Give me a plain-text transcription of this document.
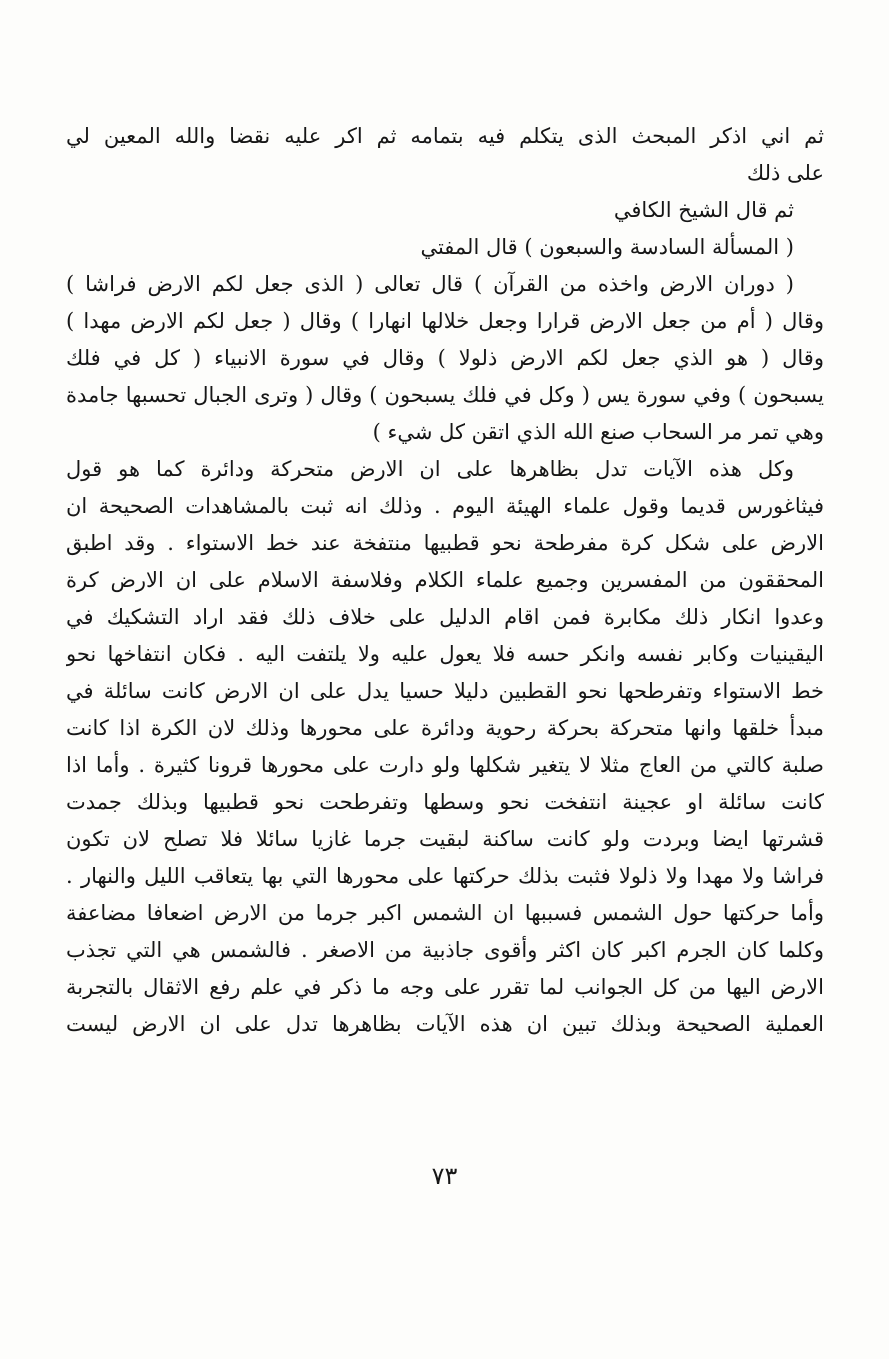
ثم اني اذكر المبحث الذى يتكلم فيه بتمامه ثم اكر عليه نقضا والله المعين لي
على ذلك
ثم قال الشيخ الكافي
( المسألة السادسة والسبعون ) قال المفتي
( دوران الارض واخذه من القرآن ) قال تعالى ( الذى جعل لكم الارض فراشا )
وقال ( أم من جعل الارض قرارا وجعل خلالها انهارا ) وقال ( جعل لكم الارض مهدا )
وقال ( هو الذي جعل لكم الارض ذلولا ) وقال في سورة الانبياء ( كل في فلك
يسبحون ) وفي سورة يس ( وكل في فلك يسبحون ) وقال ( وترى الجبال تحسبها جامدة
وهي تمر مر السحاب صنع الله الذي اتقن كل شيء )
وكل هذه الآيات تدل بظاهرها على ان الارض متحركة ودائرة كما هو قول
فيثاغورس قديما وقول علماء الهيئة اليوم . وذلك انه ثبت بالمشاهدات الصحيحة ان
الارض على شكل كرة مفرطحة نحو قطبيها منتفخة عند خط الاستواء . وقد اطبق
المحققون من المفسرين وجميع علماء الكلام وفلاسفة الاسلام على ان الارض كرة
وعدوا انكار ذلك مكابرة فمن اقام الدليل على خلاف ذلك فقد اراد التشكيك في
اليقينيات وكابر نفسه وانكر حسه فلا يعول عليه ولا يلتفت اليه . فكان انتفاخها نحو
خط الاستواء وتفرطحها نحو القطبين دليلا حسيا يدل على ان الارض كانت سائلة في
مبدأ خلقها وانها متحركة بحركة رحوية ودائرة على محورها وذلك لان الكرة اذا كانت
صلبة كالتي من العاج مثلا لا يتغير شكلها ولو دارت على محورها قرونا كثيرة . وأما اذا
كانت سائلة او عجينة انتفخت نحو وسطها وتفرطحت نحو قطبيها وبذلك جمدت
قشرتها ايضا وبردت ولو كانت ساكنة لبقيت جرما غازيا سائلا فلا تصلح لان تكون
فراشا ولا مهدا ولا ذلولا فثبت بذلك حركتها على محورها التي بها يتعاقب الليل والنهار .
وأما حركتها حول الشمس فسببها ان الشمس اكبر جرما من الارض اضعافا مضاعفة
وكلما كان الجرم اكبر كان اكثر وأقوى جاذبية من الاصغر . فالشمس هي التي تجذب
الارض اليها من كل الجوانب لما تقرر على وجه ما ذكر في علم رفع الاثقال بالتجربة
العملية الصحيحة وبذلك تبين ان هذه الآيات بظاهرها تدل على ان الارض ليست
٧٣
